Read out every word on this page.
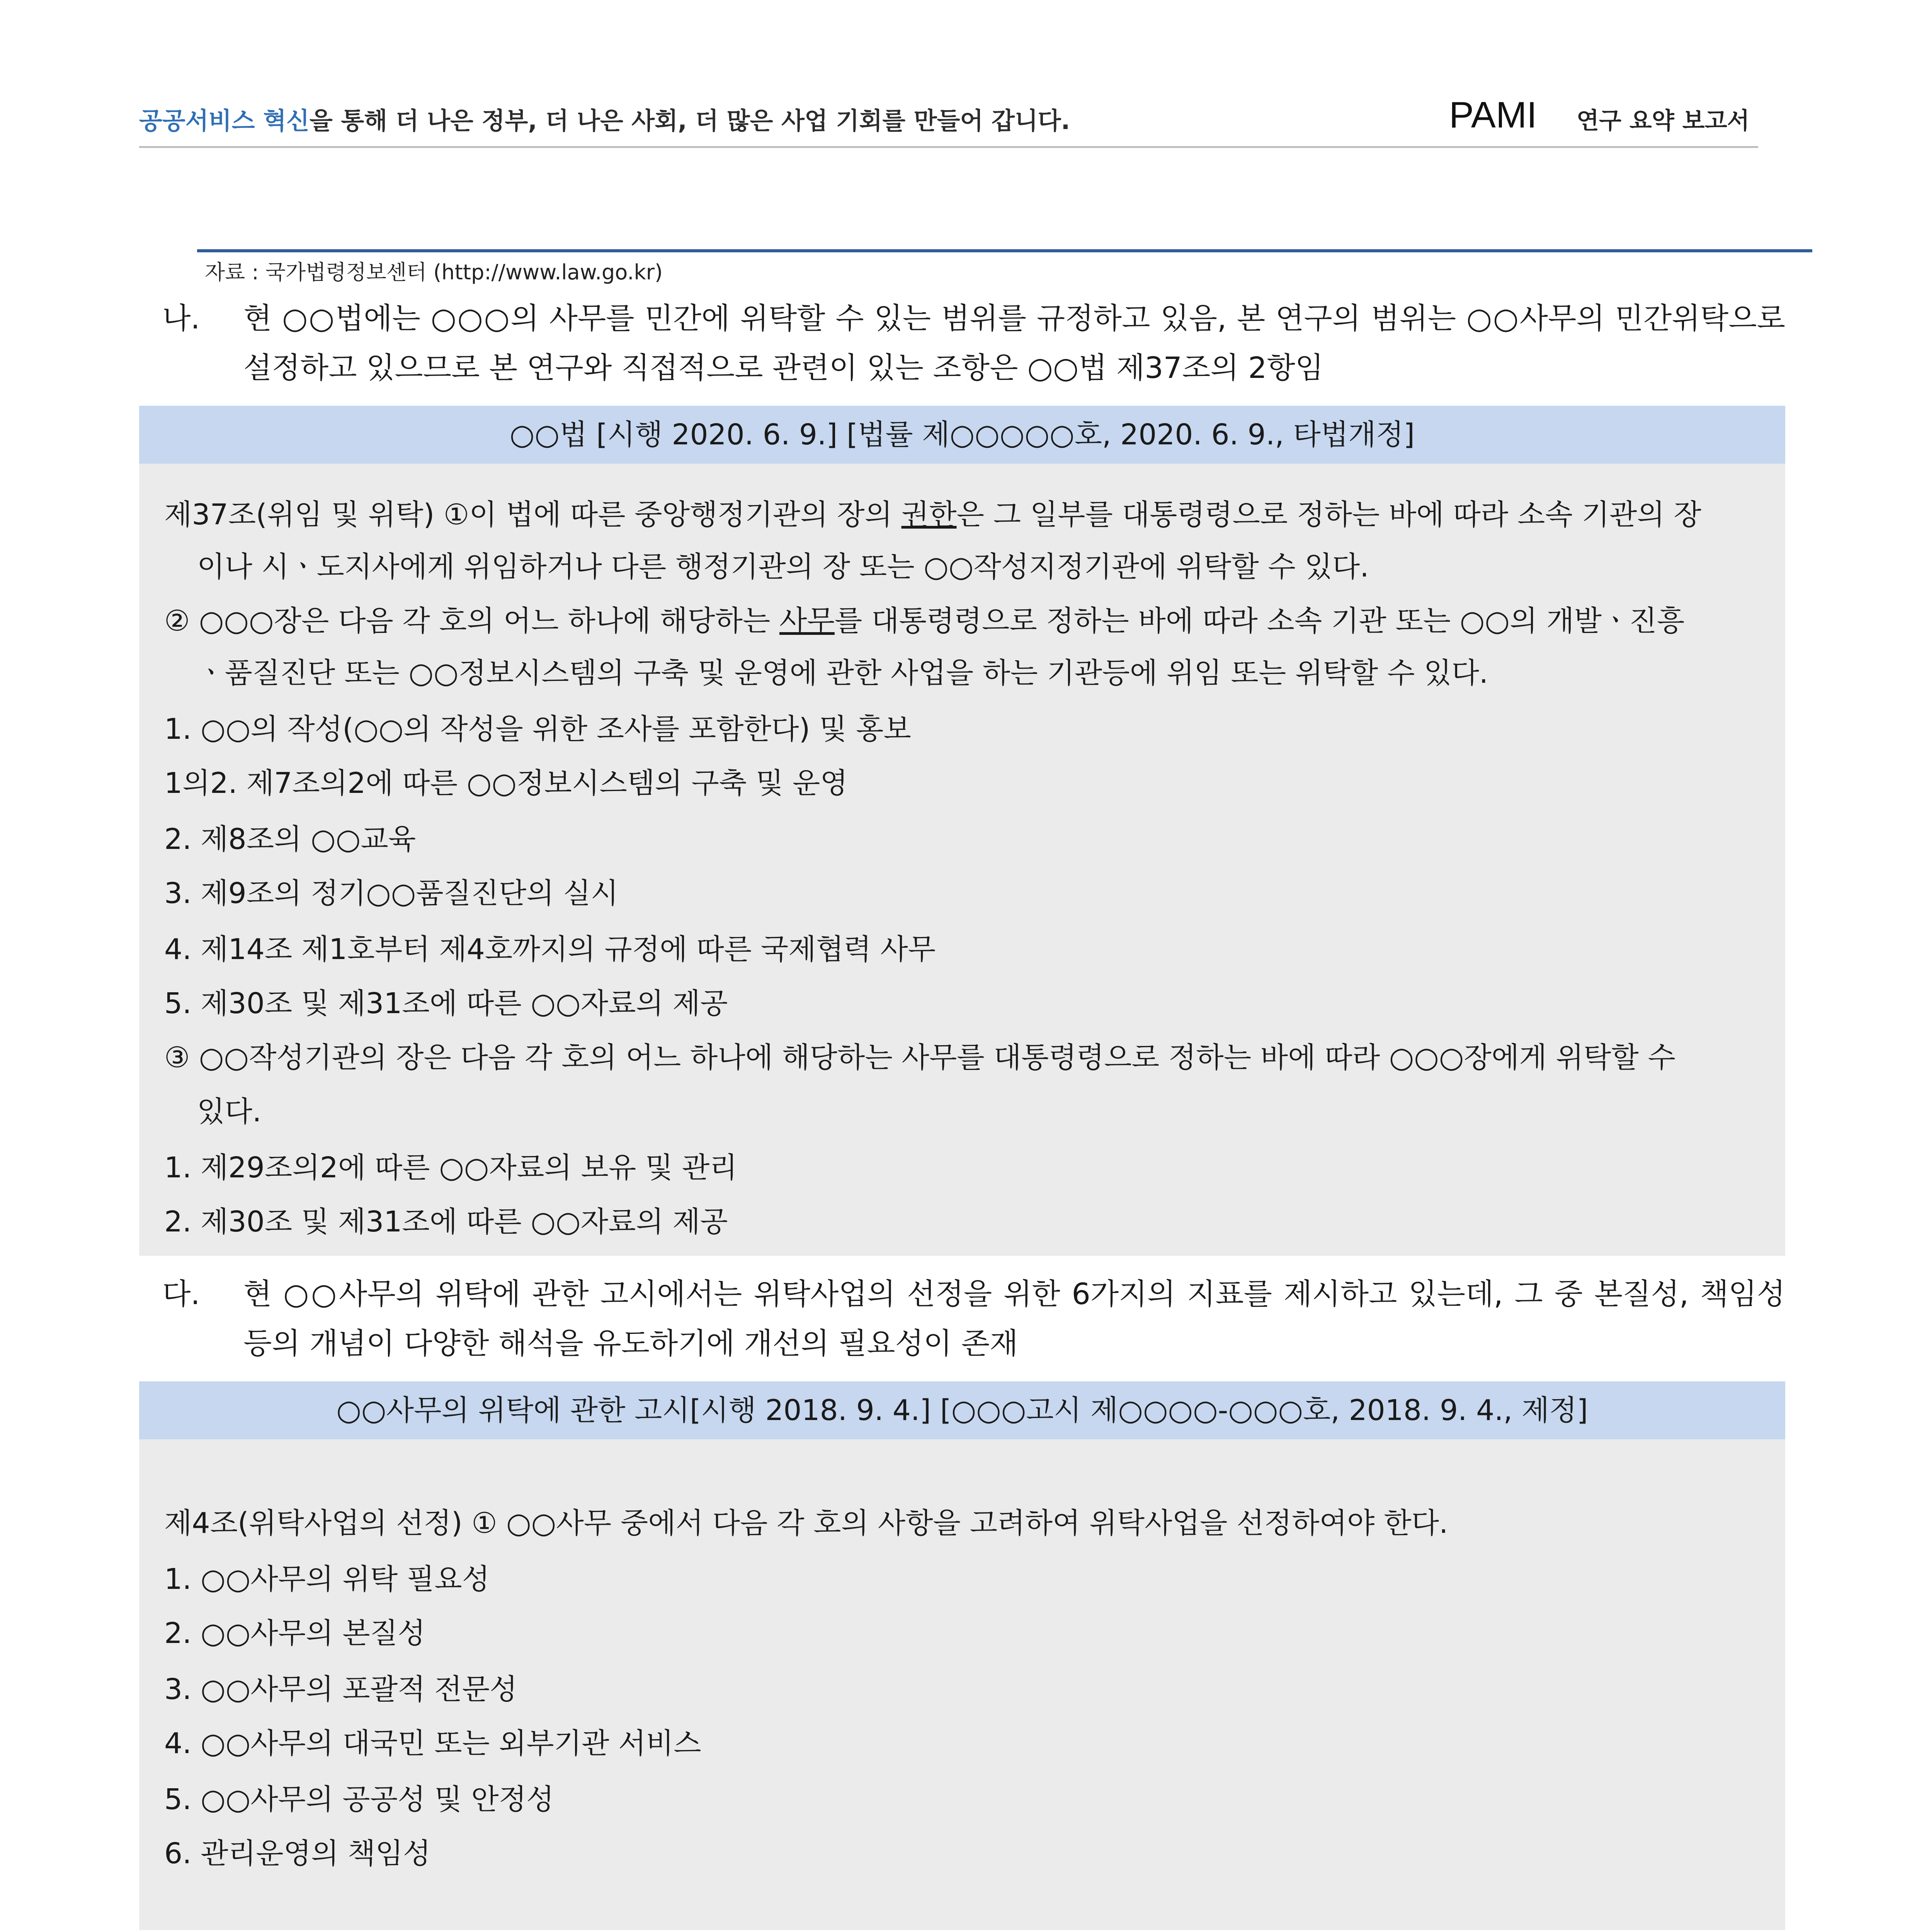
공공서비스 혁신을 통해 더 나은 정부, 더 나은 사회, 더 많은 사업 기회를 만들어 갑니다.	PAMI 연구 요약 보고서
자료 : 국가법령정보센터 (http://www.law.go.kr)
나. 현 ○○법에는 ○○○의 사무를 민간에 위탁할 수 있는 범위를 규정하고 있음, 본 연구의 범위는 ○○사무의 민간위탁으로 설정하고 있으므로 본 연구와 직접적으로 관련이 있는 조항은 ○○법 제37조의 2항임
○○법 [시행 2020. 6. 9.] [법률 제○○○○○호, 2020. 6. 9., 타법개정]
제37조(위임 및 위탁) ①이 법에 따른 중앙행정기관의 장의 권한은 그 일부를 대통령령으로 정하는 바에 따라 소속 기관의 장
이나 시ㆍ도지사에게 위임하거나 다른 행정기관의 장 또는 ○○작성지정기관에 위탁할 수 있다.
② ○○○장은 다음 각 호의 어느 하나에 해당하는 사무를 대통령령으로 정하는 바에 따라 소속 기관 또는 ○○의 개발ㆍ진흥
ㆍ품질진단 또는 ○○정보시스템의 구축 및 운영에 관한 사업을 하는 기관등에 위임 또는 위탁할 수 있다.
1. ○○의 작성(○○의 작성을 위한 조사를 포함한다) 및 홍보
1의2. 제7조의2에 따른 ○○정보시스템의 구축 및 운영
2. 제8조의 ○○교육
3. 제9조의 정기○○품질진단의 실시
4. 제14조 제1호부터 제4호까지의 규정에 따른 국제협력 사무
5. 제30조 및 제31조에 따른 ○○자료의 제공
③ ○○작성기관의 장은 다음 각 호의 어느 하나에 해당하는 사무를 대통령령으로 정하는 바에 따라 ○○○장에게 위탁할 수
있다.
1. 제29조의2에 따른 ○○자료의 보유 및 관리
2. 제30조 및 제31조에 따른 ○○자료의 제공
다. 현 ○○사무의 위탁에 관한 고시에서는 위탁사업의 선정을 위한 6가지의 지표를 제시하고 있는데, 그 중 본질성, 책임성 등의 개념이 다양한 해석을 유도하기에 개선의 필요성이 존재
○○사무의 위탁에 관한 고시[시행 2018. 9. 4.] [○○○고시 제○○○○-○○○호, 2018. 9. 4., 제정]
제4조(위탁사업의 선정) ① ○○사무 중에서 다음 각 호의 사항을 고려하여 위탁사업을 선정하여야 한다.
1. ○○사무의 위탁 필요성
2. ○○사무의 본질성
3. ○○사무의 포괄적 전문성
4. ○○사무의 대국민 또는 외부기관 서비스
5. ○○사무의 공공성 및 안정성
6. 관리운영의 책임성
